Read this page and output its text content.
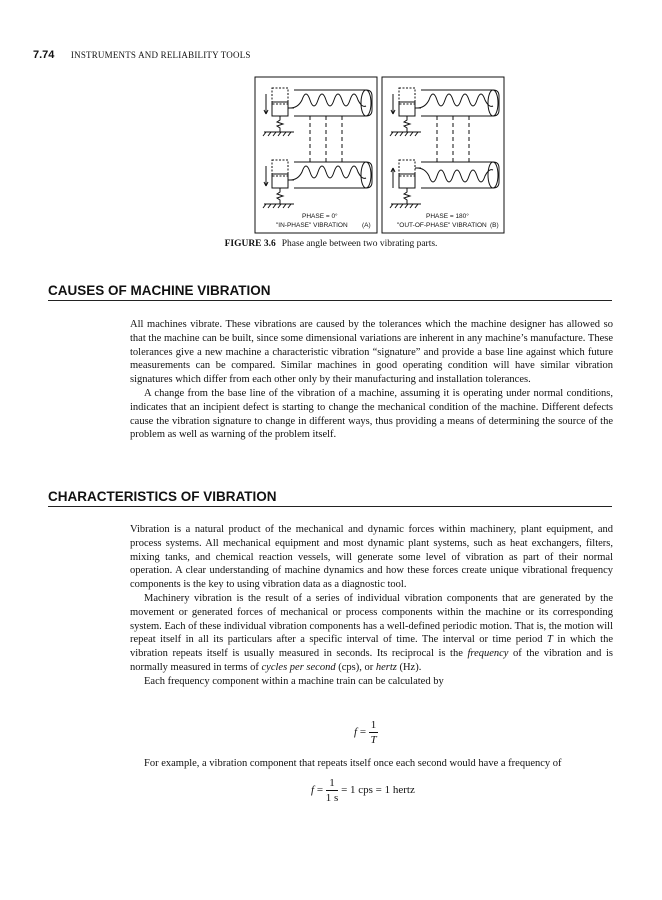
7.74 INSTRUMENTS AND RELIABILITY TOOLS
PHASE = 0°
"IN-PHASE" VIBRATION (A)
PHASE = 180°
"OUT-OF-PHASE" VIBRATION (B)
FIGURE 3.6 Phase angle between two vibrating parts.
CAUSES OF MACHINE VIBRATION

All machines vibrate. These vibrations are caused by the tolerances which the machine designer has allowed so that the machine can be built, since some dimensional variations are inherent in any machine’s manufacture. These tolerances give a new machine a characteristic vibration “signature” and provide a base line against which future measurements can be compared. Similar machines in good operating condition will have similar vibration signatures which differ from each other only by their manufacturing and installation tolerances.

A change from the base line of the vibration of a machine, assuming it is operating under normal conditions, indicates that an incipient defect is starting to change the mechanical condition of the machine. Different defects cause the vibration signature to change in different ways, thus providing a means of determining the source of the problem as well as warning of the problem itself.

CHARACTERISTICS OF VIBRATION

Vibration is a natural product of the mechanical and dynamic forces within machinery, plant equipment, and process systems. All mechanical equipment and most dynamic plant systems, such as heat exchangers, filters, mixing tanks, and chemical reaction vessels, will generate some level of vibration as part of their normal operation. A clear understanding of machine dynamics and how these forces create unique vibrational frequency components is the key to using vibration data as a diagnostic tool.

Machinery vibration is the result of a series of individual vibration components that are generated by the movement or generated forces of mechanical or process components within the machine or its corresponding system. Each of these individual vibration components has a well-defined periodic motion. That is, the motion will repeat itself in all its particulars after a specific interval of time. The interval or time period T in which the vibration repeats itself is usually measured in seconds. Its reciprocal is the frequency of the vibration and is normally measured in terms of cycles per second (cps), or hertz (Hz).

Each frequency component within a machine train can be calculated by

$f = \frac{1}{T}$

For example, a vibration component that repeats itself once each second would have a frequency of

$f = \frac{1}{1 s} = 1$ cps = 1 hertz
